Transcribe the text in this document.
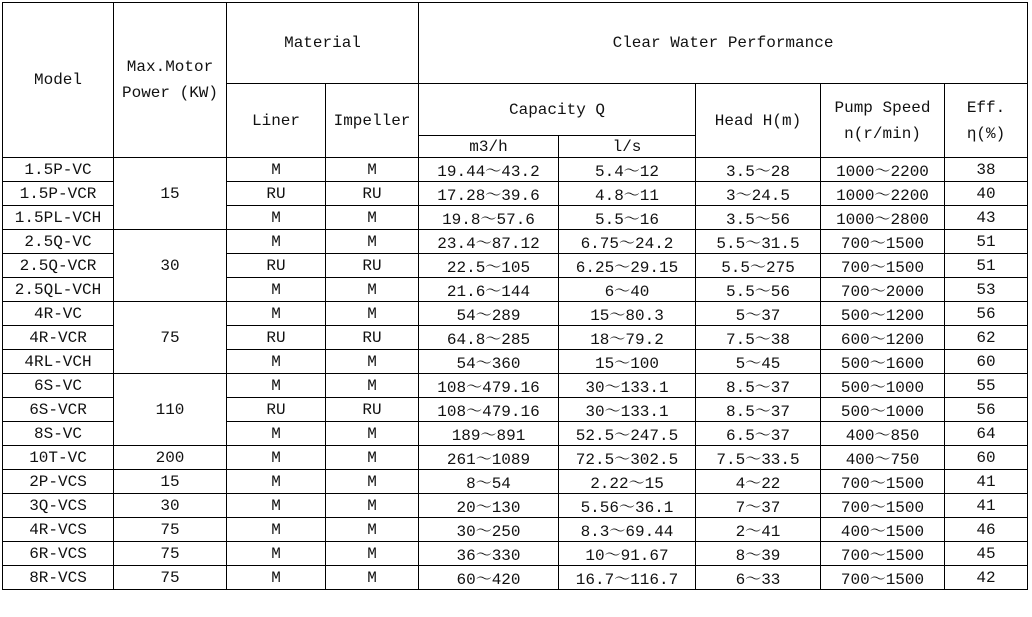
Model	Max.Motor Power (KW)	Material		Clear Water Performance				
		Liner	Impeller	Capacity Q		Head H(m)	Pump Speed n(r/min)	Eff. η(%)
				m3/h	l/s			
1.5P-VC	15	M	M	19.44～43.2	5.4～12	3.5～28	1000～2200	38
1.5P-VCR		RU	RU	17.28～39.6	4.8～11	3～24.5	1000～2200	40
1.5PL-VCH		M	M	19.8～57.6	5.5～16	3.5～56	1000～2800	43
2.5Q-VC	30	M	M	23.4～87.12	6.75～24.2	5.5～31.5	700～1500	51
2.5Q-VCR		RU	RU	22.5～105	6.25～29.15	5.5～275	700～1500	51
2.5QL-VCH		M	M	21.6～144	6～40	5.5～56	700～2000	53
4R-VC	75	M	M	54～289	15～80.3	5～37	500～1200	56
4R-VCR		RU	RU	64.8～285	18～79.2	7.5～38	600～1200	62
4RL-VCH		M	M	54～360	15～100	5～45	500～1600	60
6S-VC	110	M	M	108～479.16	30～133.1	8.5～37	500～1000	55
6S-VCR		RU	RU	108～479.16	30～133.1	8.5～37	500～1000	56
8S-VC		M	M	189～891	52.5～247.5	6.5～37	400～850	64
10T-VC	200	M	M	261～1089	72.5～302.5	7.5～33.5	400～750	60
2P-VCS	15	M	M	8～54	2.22～15	4～22	700～1500	41
3Q-VCS	30	M	M	20～130	5.56～36.1	7～37	700～1500	41
4R-VCS	75	M	M	30～250	8.3～69.44	2～41	400～1500	46
6R-VCS	75	M	M	36～330	10～91.67	8～39	700～1500	45
8R-VCS	75	M	M	60～420	16.7～116.7	6～33	700～1500	42
